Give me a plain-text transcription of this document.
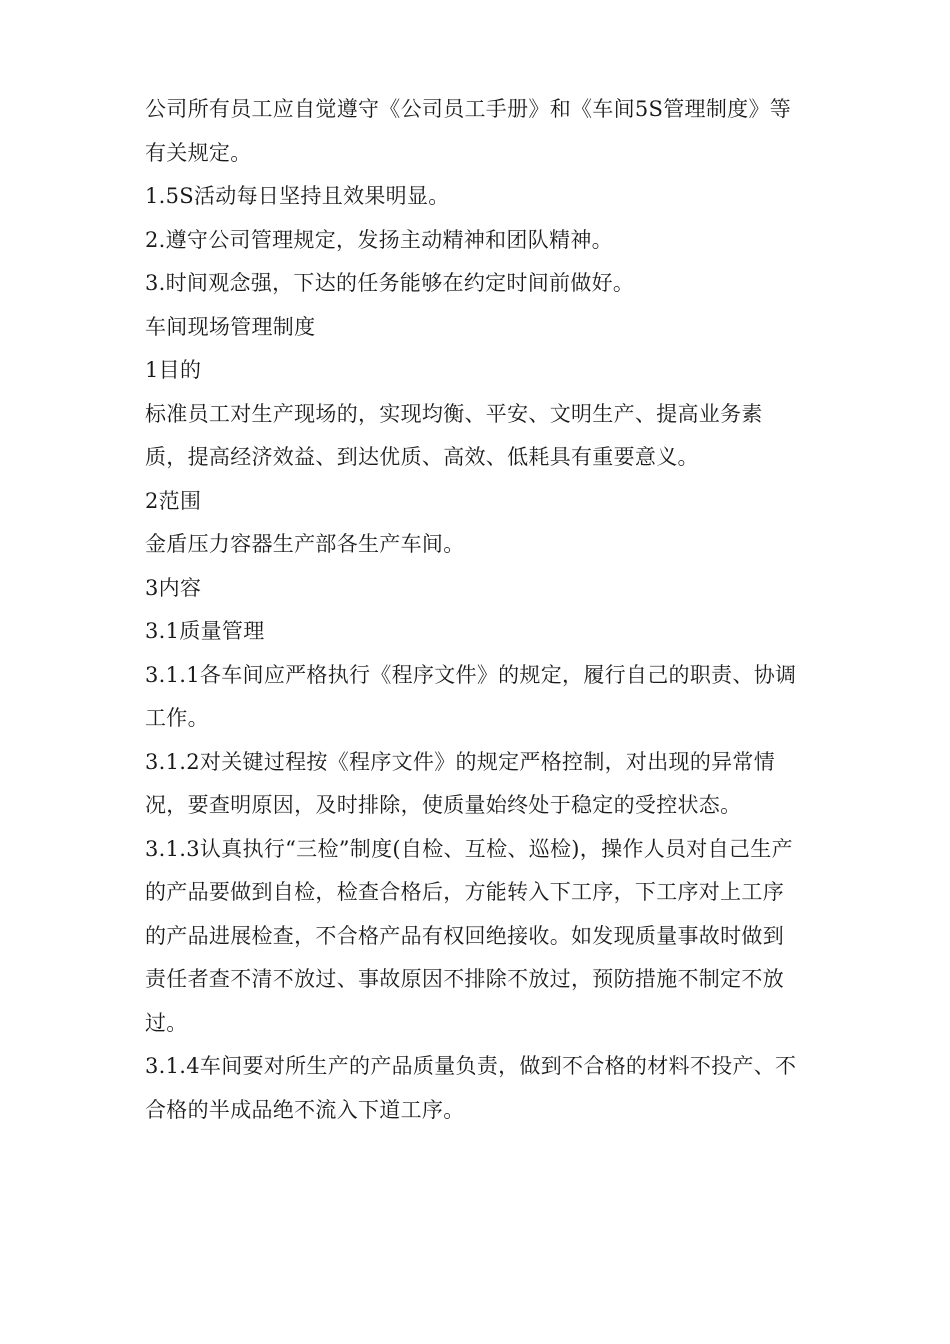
公司所有员工应自觉遵守《公司员工手册》和《车间5S管理制度》等有关规定。

1.5S活动每日坚持且效果明显。

2.遵守公司管理规定，发扬主动精神和团队精神。

3.时间观念强，下达的任务能够在约定时间前做好。

车间现场管理制度

1目的

标准员工对生产现场的，实现均衡、平安、文明生产、提高业务素质，提高经济效益、到达优质、高效、低耗具有重要意义。

2范围

金盾压力容器生产部各生产车间。

3内容

3.1质量管理

3.1.1各车间应严格执行《程序文件》的规定，履行自己的职责、协调工作。

3.1.2对关键过程按《程序文件》的规定严格控制，对出现的异常情况，要查明原因，及时排除，使质量始终处于稳定的受控状态。

3.1.3认真执行“三检”制度(自检、互检、巡检)，操作人员对自己生产的产品要做到自检，检查合格后，方能转入下工序，下工序对上工序的产品进展检查，不合格产品有权回绝接收。如发现质量事故时做到责任者查不清不放过、事故原因不排除不放过，预防措施不制定不放过。

3.1.4车间要对所生产的产品质量负责，做到不合格的材料不投产、不合格的半成品绝不流入下道工序。
